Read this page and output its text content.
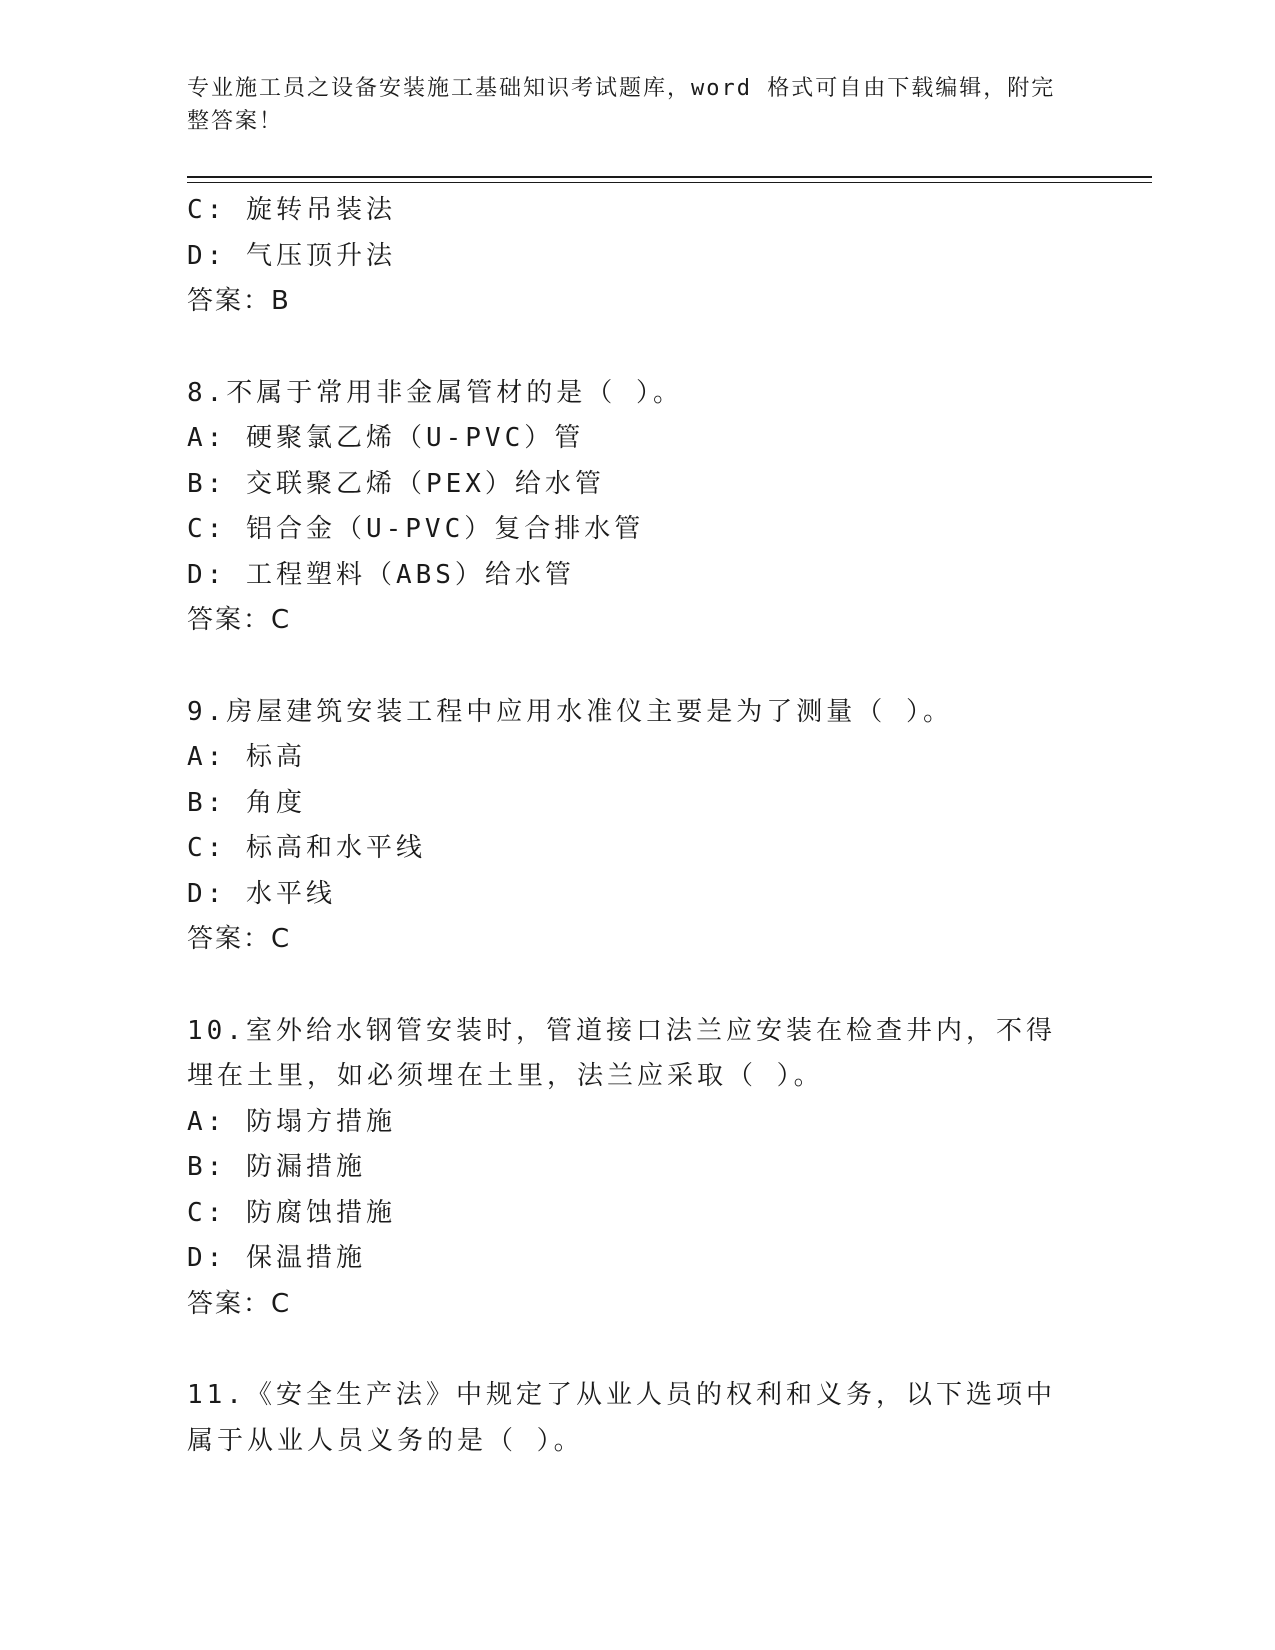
专业施工员之设备安装施工基础知识考试题库，word 格式可自由下载编辑，附完整答案！
C: 旋转吊装法
D: 气压顶升法
答案：B
8.不属于常用非金属管材的是（ ）。
A: 硬聚氯乙烯（U-PVC）管
B: 交联聚乙烯（PEX）给水管
C: 铝合金（U-PVC）复合排水管
D: 工程塑料（ABS）给水管
答案：C
9.房屋建筑安装工程中应用水准仪主要是为了测量（ ）。
A: 标高
B: 角度
C: 标高和水平线
D: 水平线
答案：C
10.室外给水钢管安装时，管道接口法兰应安装在检查井内，不得埋在土里，如必须埋在土里，法兰应采取（ ）。
A: 防塌方措施
B: 防漏措施
C: 防腐蚀措施
D: 保温措施
答案：C
11.《安全生产法》中规定了从业人员的权利和义务，以下选项中属于从业人员义务的是（ ）。
